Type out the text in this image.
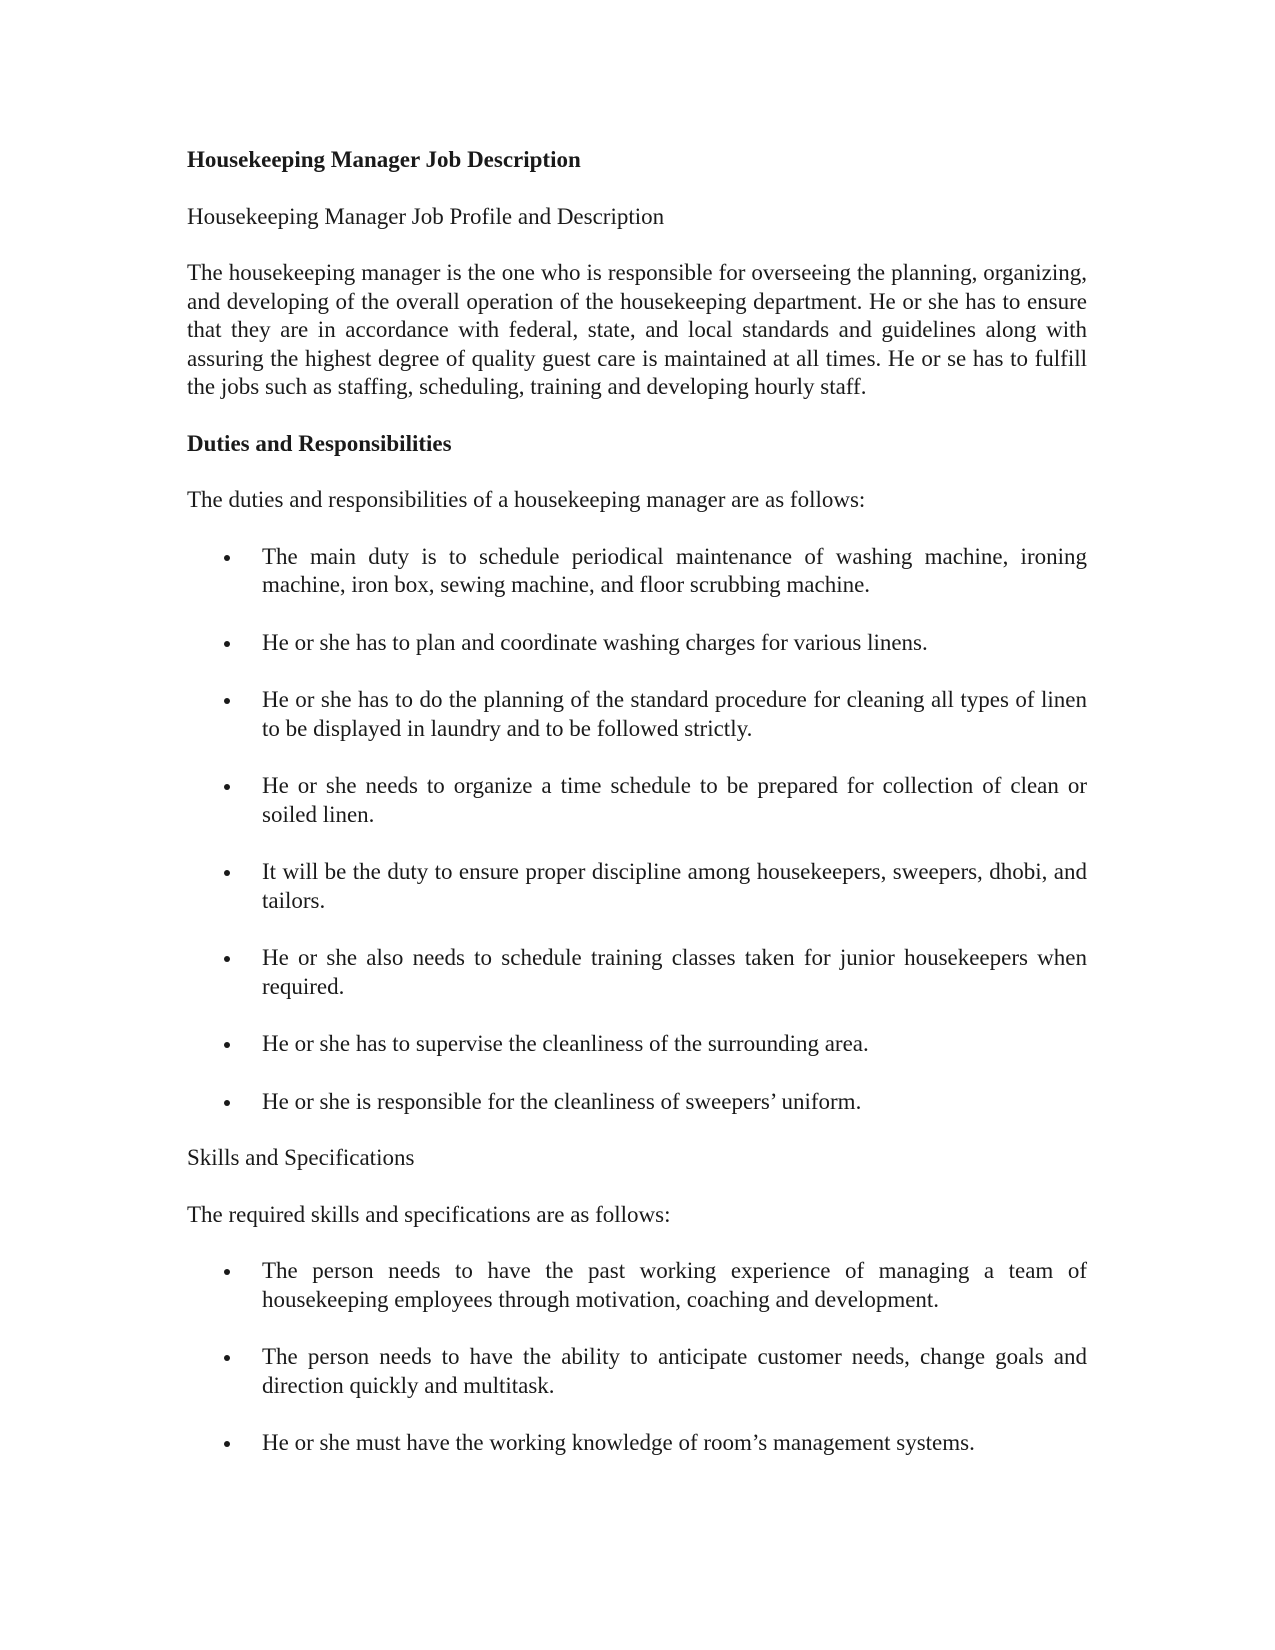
Housekeeping Manager Job Description
Housekeeping Manager Job Profile and Description

The housekeeping manager is the one who is responsible for overseeing the planning, organizing, and developing of the overall operation of the housekeeping department. He or she has to ensure that they are in accordance with federal, state, and local standards and guidelines along with assuring the highest degree of quality guest care is maintained at all times. He or se has to fulfill the jobs such as staffing, scheduling, training and developing hourly staff.

Duties and Responsibilities

The duties and responsibilities of a housekeeping manager are as follows:

The main duty is to schedule periodical maintenance of washing machine, ironing machine, iron box, sewing machine, and floor scrubbing machine.
He or she has to plan and coordinate washing charges for various linens.
He or she has to do the planning of the standard procedure for cleaning all types of linen to be displayed in laundry and to be followed strictly.
He or she needs to organize a time schedule to be prepared for collection of clean or soiled linen.
It will be the duty to ensure proper discipline among housekeepers, sweepers, dhobi, and tailors.
He or she also needs to schedule training classes taken for junior housekeepers when required.
He or she has to supervise the cleanliness of the surrounding area.
He or she is responsible for the cleanliness of sweepers’ uniform.
Skills and Specifications

The required skills and specifications are as follows:

The person needs to have the past working experience of managing a team of housekeeping employees through motivation, coaching and development.
The person needs to have the ability to anticipate customer needs, change goals and direction quickly and multitask.
He or she must have the working knowledge of room’s management systems.
